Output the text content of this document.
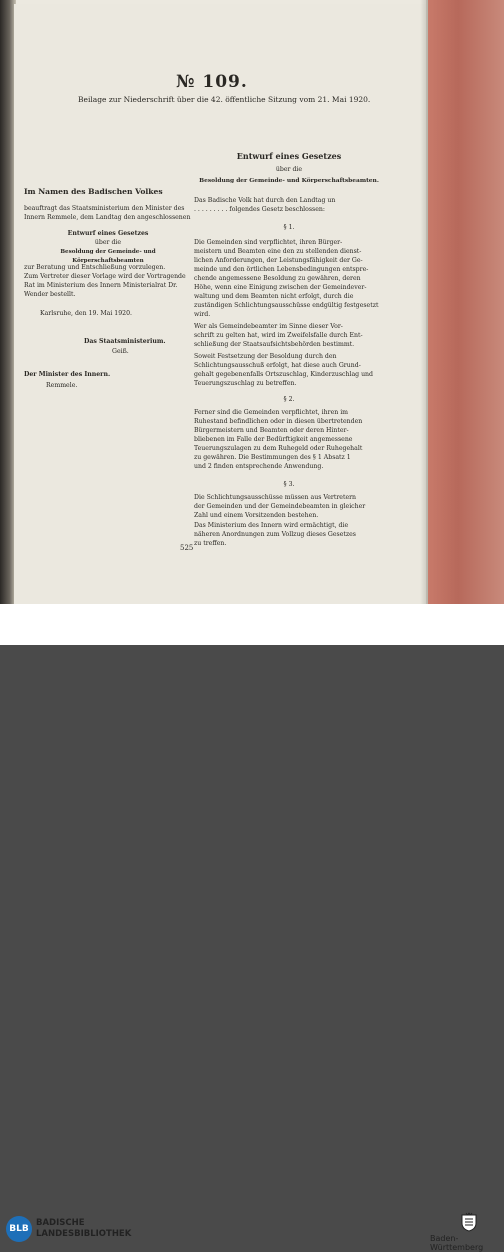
№ 109.
Beilage zur Niederschrift über die 42. öffentliche Sitzung vom 21. Mai 1920.
Im Namen des Badischen Volkes
beauftragt das Staatsministerium den Minister des
Innern Remmele, dem Landtag den angeschlossenen
Entwurf eines Gesetzes
über die
Besoldung der Gemeinde- und Körperschaftsbeamten
zur Beratung und Entschließung vorzulegen.
Zum Vertreter dieser Vorlage wird der Vortragende
Rat im Ministerium des Innern Ministerialrat Dr.
Wender bestellt.
Karlsruhe, den 19. Mai 1920.
Das Staatsministerium.
Geiß.
Der Minister des Innern.
Remmele.
Entwurf eines Gesetzes
über die
Besoldung der Gemeinde- und Körperschaftsbeamten.
Das Badische Volk hat durch den Landtag un
. . . . . . . . . folgendes Gesetz beschlossen:
§ 1.
Die Gemeinden sind verpflichtet, ihren Bürger-
meistern und Beamten eine den zu stellenden dienst-
lichen Anforderungen, der Leistungsfähigkeit der Ge-
meinde und den örtlichen Lebensbedingungen entspre-
chende angemessene Besoldung zu gewähren, deren
Höhe, wenn eine Einigung zwischen der Gemeindever-
waltung und dem Beamten nicht erfolgt, durch die
zuständigen Schlichtungsausschüsse endgültig festgesetzt
wird.
Wer als Gemeindebeamter im Sinne dieser Vor-
schrift zu gelten hat, wird im Zweifelsfalle durch Ent-
schließung der Staatsaufsichtsbehörden bestimmt.
Soweit Festsetzung der Besoldung durch den
Schlichtungsausschuß erfolgt, hat diese auch Grund-
gehalt gegebenenfalls Ortszuschlag, Kinderzuschlag und
Teuerungszuschlag zu betreffen.
§ 2.
Ferner sind die Gemeinden verpflichtet, ihren im
Ruhestand befindlichen oder in diesen übertretenden
Bürgermeistern und Beamten oder deren Hinter-
bliebenen im Falle der Bedürftigkeit angemessene
Teuerungszulagen zu dem Ruhegeld oder Ruhegehalt
zu gewähren. Die Bestimmungen des § 1 Absatz 1
und 2 finden entsprechende Anwendung.
§ 3.
Die Schlichtungsausschüsse müssen aus Vertretern
der Gemeinden und der Gemeindebeamten in gleicher
Zahl und einem Vorsitzenden bestehen.
Das Ministerium des Innern wird ermächtigt, die
näheren Anordnungen zum Vollzug dieses Gesetzes
zu treffen.
525
BLB
BADISCHE
LANDESBIBLIOTHEK	Baden-Württemberg
